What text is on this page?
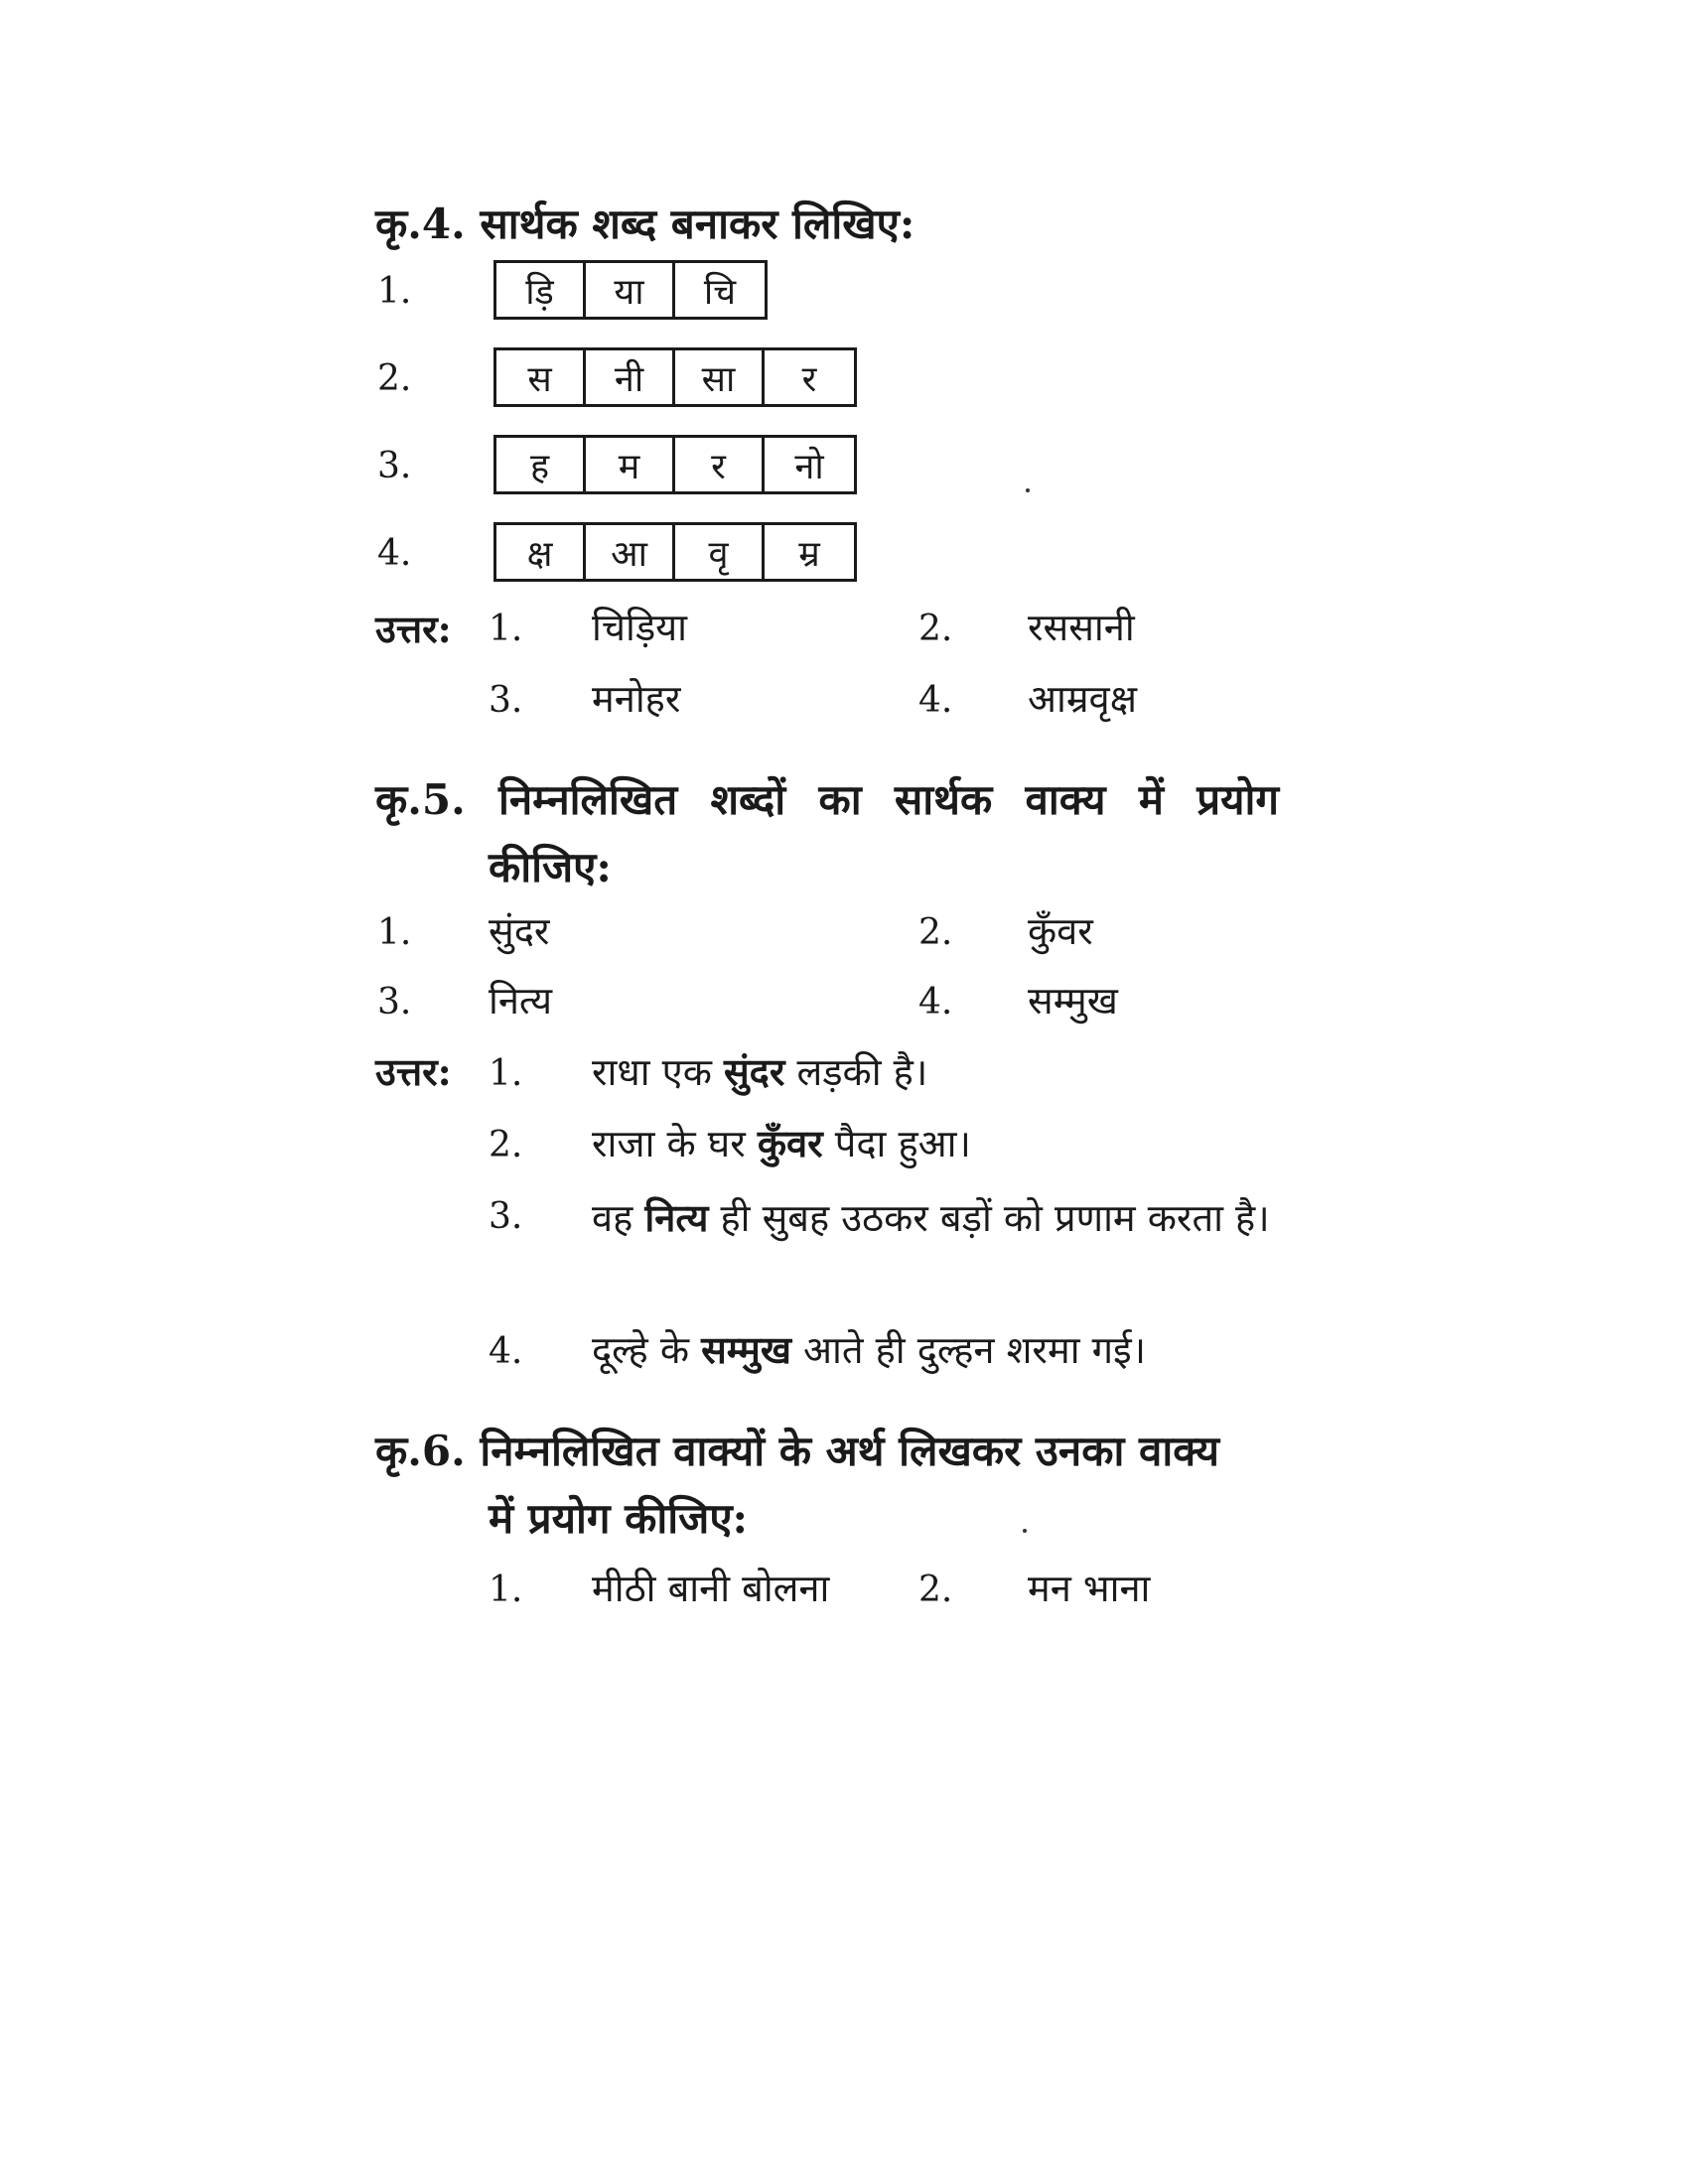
कृ.4. सार्थक शब्द बनाकर लिखिए:
1.	ड़ि	या	चि
2.	स	नी	सा	र
3.	ह	म	र	नो
4.	क्ष	आ	वृ	म्र
उत्तर: 1. चिड़िया	2. रससानी
3. मनोहर	4. आम्रवृक्ष
कृ.5. निम्नलिखित शब्दों का सार्थक वाक्य में प्रयोग
कीजिए:
1. सुंदर	2. कुँवर
3. नित्य	4. सम्मुख
उत्तर: 1. राधा एक सुंदर लड़की है।
2. राजा के घर कुँवर पैदा हुआ।
3. वह नित्य ही सुबह उठकर बड़ों को प्रणाम करता है।
4. दूल्हे के सम्मुख आते ही दुल्हन शरमा गई।
कृ.6. निम्नलिखित वाक्यों के अर्थ लिखकर उनका वाक्य
में प्रयोग कीजिए:
1. मीठी बानी बोलना 2. मन भाना
